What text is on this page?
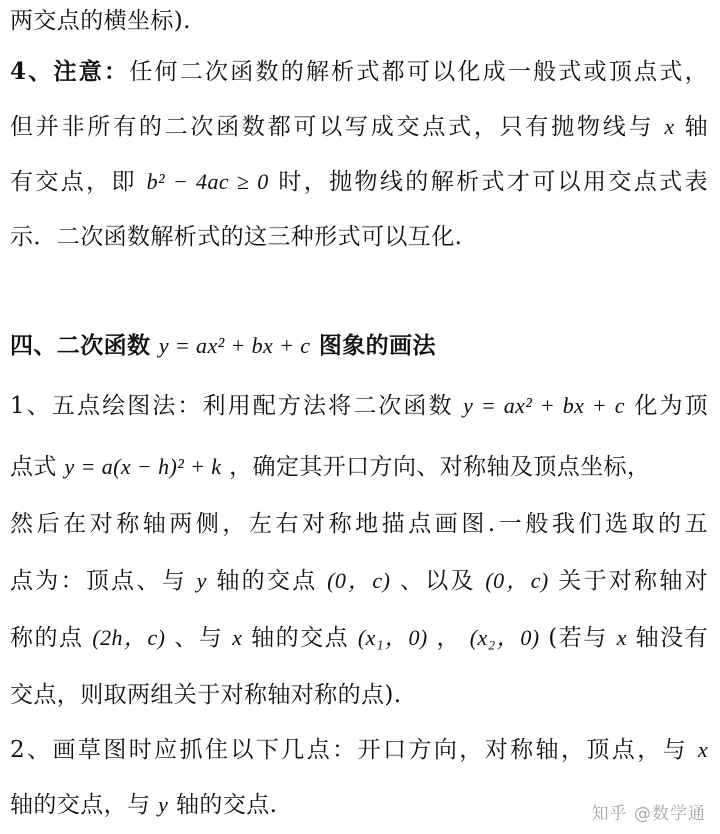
两交点的横坐标).
4、注意：任何二次函数的解析式都可以化成一般式或顶点式，
但并非所有的二次函数都可以写成交点式，只有抛物线与 x 轴
有交点，即 b² − 4ac ≥ 0 时，抛物线的解析式才可以用交点式表
示．二次函数解析式的这三种形式可以互化.
四、二次函数 y = ax² + bx + c 图象的画法
1、五点绘图法：利用配方法将二次函数 y = ax² + bx + c 化为顶
点式 y = a(x − h)² + k ，确定其开口方向、对称轴及顶点坐标，
然后在对称轴两侧，左右对称地描点画图.一般我们选取的五
点为：顶点、与 y 轴的交点 (0，c) 、以及 (0，c) 关于对称轴对
称的点 (2h，c) 、与 x 轴的交点 (x₁，0) ， (x₂，0) (若与 x 轴没有
交点，则取两组关于对称轴对称的点).
2、画草图时应抓住以下几点：开口方向，对称轴，顶点，与 x
轴的交点，与 y 轴的交点.	知乎 @数学通
